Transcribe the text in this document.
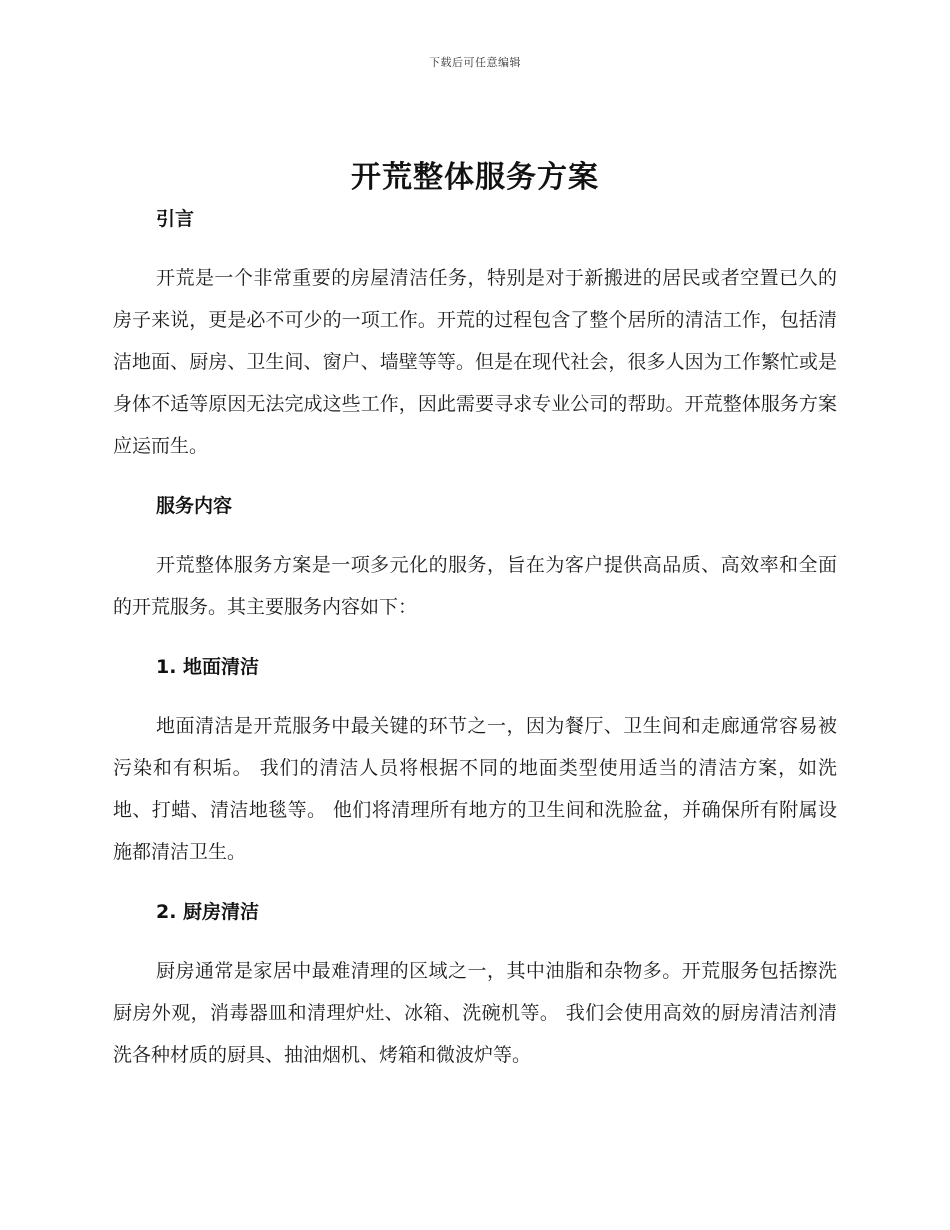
下载后可任意编辑
开荒整体服务方案
引言

开荒是一个非常重要的房屋清洁任务，特别是对于新搬进的居民或者空置已久的房子来说，更是必不可少的一项工作。开荒的过程包含了整个居所的清洁工作，包括清洁地面、厨房、卫生间、窗户、墙壁等等。但是在现代社会，很多人因为工作繁忙或是身体不适等原因无法完成这些工作，因此需要寻求专业公司的帮助。开荒整体服务方案应运而生。

服务内容

开荒整体服务方案是一项多元化的服务，旨在为客户提供高品质、高效率和全面的开荒服务。其主要服务内容如下：

1. 地面清洁

地面清洁是开荒服务中最关键的环节之一，因为餐厅、卫生间和走廊通常容易被污染和有积垢。 我们的清洁人员将根据不同的地面类型使用适当的清洁方案，如洗地、打蜡、清洁地毯等。 他们将清理所有地方的卫生间和洗脸盆，并确保所有附属设施都清洁卫生。

2. 厨房清洁

厨房通常是家居中最难清理的区域之一，其中油脂和杂物多。开荒服务包括擦洗厨房外观，消毒器皿和清理炉灶、冰箱、洗碗机等。 我们会使用高效的厨房清洁剂清洗各种材质的厨具、抽油烟机、烤箱和微波炉等。
